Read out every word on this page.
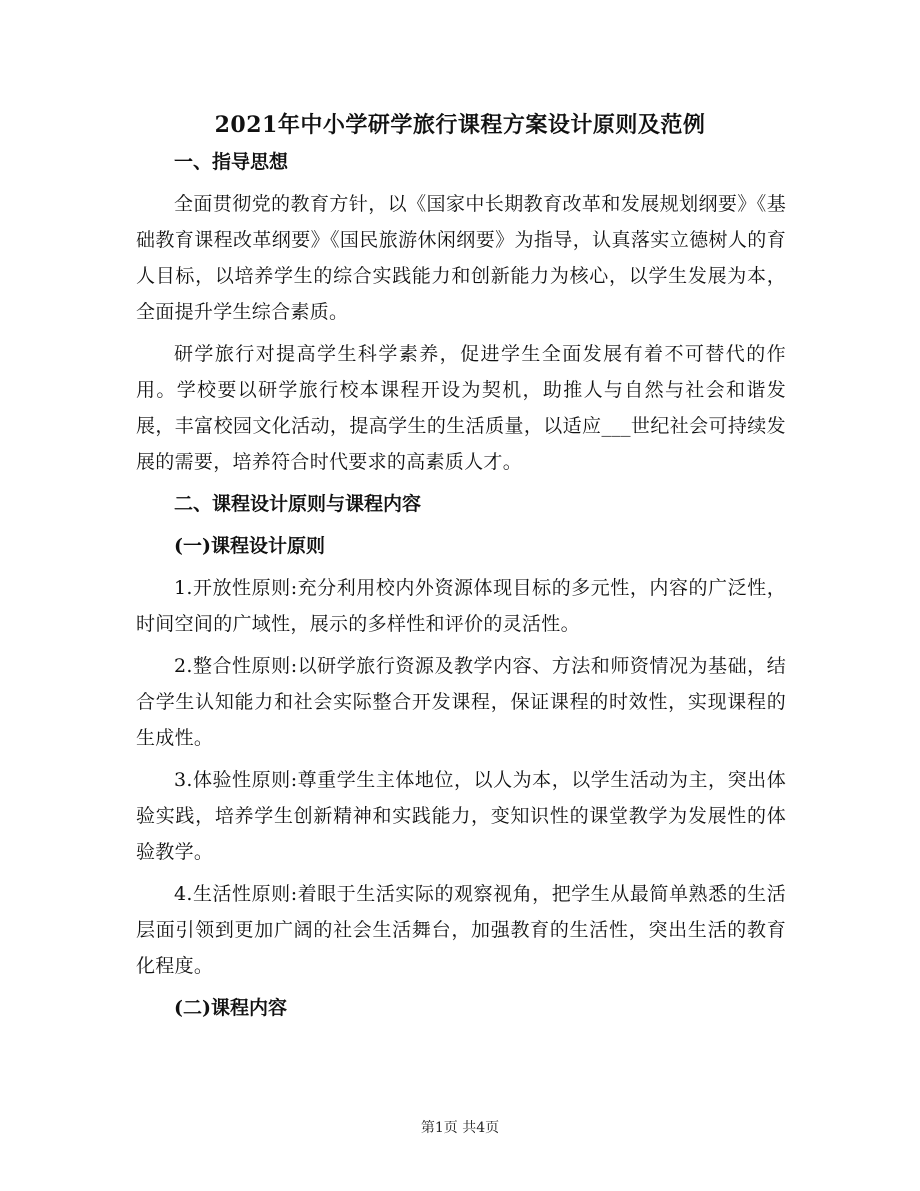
2021年中小学研学旅行课程方案设计原则及范例
一、指导思想
全面贯彻党的教育方针，以《国家中长期教育改革和发展规划纲要》《基础教育课程改革纲要》《国民旅游休闲纲要》为指导，认真落实立德树人的育人目标，以培养学生的综合实践能力和创新能力为核心，以学生发展为本，全面提升学生综合素质。
研学旅行对提高学生科学素养，促进学生全面发展有着不可替代的作用。学校要以研学旅行校本课程开设为契机，助推人与自然与社会和谐发展，丰富校园文化活动，提高学生的生活质量，以适应___世纪社会可持续发展的需要，培养符合时代要求的高素质人才。
二、课程设计原则与课程内容
(一)课程设计原则
1.开放性原则:充分利用校内外资源体现目标的多元性，内容的广泛性，时间空间的广域性，展示的多样性和评价的灵活性。
2.整合性原则:以研学旅行资源及教学内容、方法和师资情况为基础，结合学生认知能力和社会实际整合开发课程，保证课程的时效性，实现课程的生成性。
3.体验性原则:尊重学生主体地位，以人为本，以学生活动为主，突出体验实践，培养学生创新精神和实践能力，变知识性的课堂教学为发展性的体验教学。
4.生活性原则:着眼于生活实际的观察视角，把学生从最简单熟悉的生活层面引领到更加广阔的社会生活舞台，加强教育的生活性，突出生活的教育化程度。
(二)课程内容
第1页 共4页
